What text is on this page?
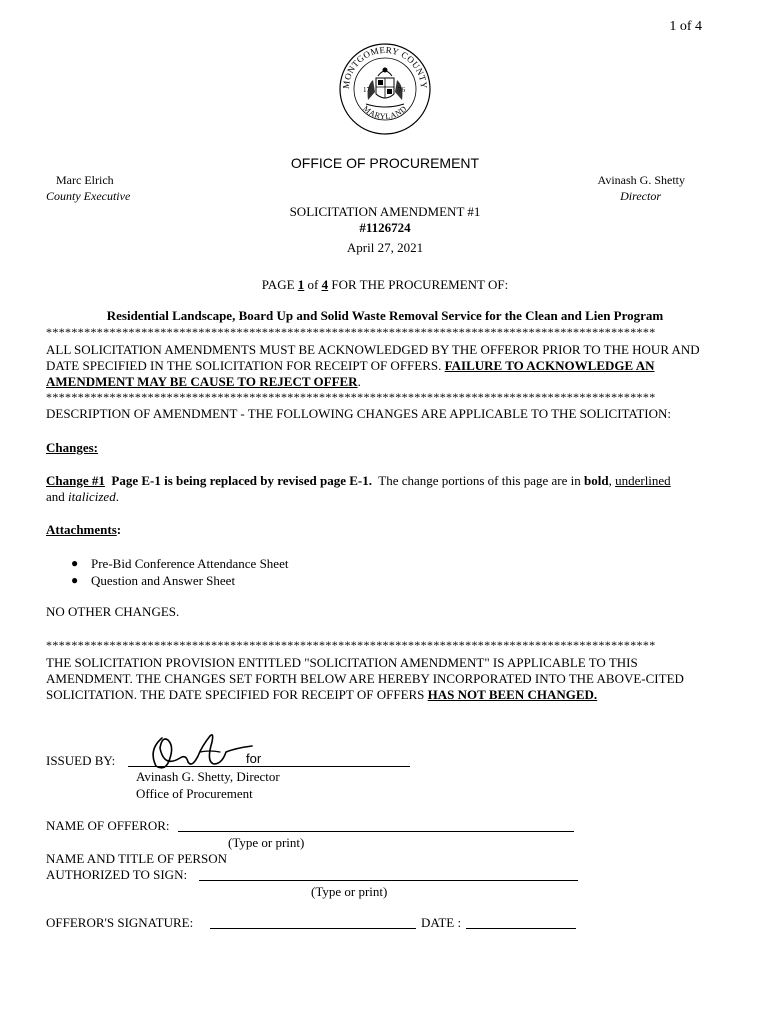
1 of 4
MONTGOMERY COUNTY
MARYLAND
17	76
OFFICE OF PROCUREMENT
Marc Elrich
County Executive
Avinash G. Shetty
Director
SOLICITATION AMENDMENT #1
#1126724
April 27, 2021
PAGE 1 of 4 FOR THE PROCUREMENT OF:
Residential Landscape, Board Up and Solid Waste Removal Service for the Clean and Lien Program
************************************************************************************************
ALL SOLICITATION AMENDMENTS MUST BE ACKNOWLEDGED BY THE OFFEROR PRIOR TO THE HOUR AND DATE SPECIFIED IN THE SOLICITATION FOR RECEIPT OF OFFERS. FAILURE TO ACKNOWLEDGE AN AMENDMENT MAY BE CAUSE TO REJECT OFFER.
************************************************************************************************
DESCRIPTION OF AMENDMENT - THE FOLLOWING CHANGES ARE APPLICABLE TO THE SOLICITATION:
Changes:
Change #1 Page E-1 is being replaced by revised page E-1. The change portions of this page are in bold, underlined
and italicized.
Attachments:
● Pre-Bid Conference Attendance Sheet
● Question and Answer Sheet
NO OTHER CHANGES.
************************************************************************************************
THE SOLICITATION PROVISION ENTITLED "SOLICITATION AMENDMENT" IS APPLICABLE TO THIS AMENDMENT. THE CHANGES SET FORTH BELOW ARE HEREBY INCORPORATED INTO THE ABOVE-CITED SOLICITATION. THE DATE SPECIFIED FOR RECEIPT OF OFFERS HAS NOT BEEN CHANGED.
ISSUED BY:	for
Avinash G. Shetty, Director
Office of Procurement
NAME OF OFFEROR:
(Type or print)
NAME AND TITLE OF PERSON
AUTHORIZED TO SIGN:
(Type or print)
OFFEROR'S SIGNATURE:	DATE :
